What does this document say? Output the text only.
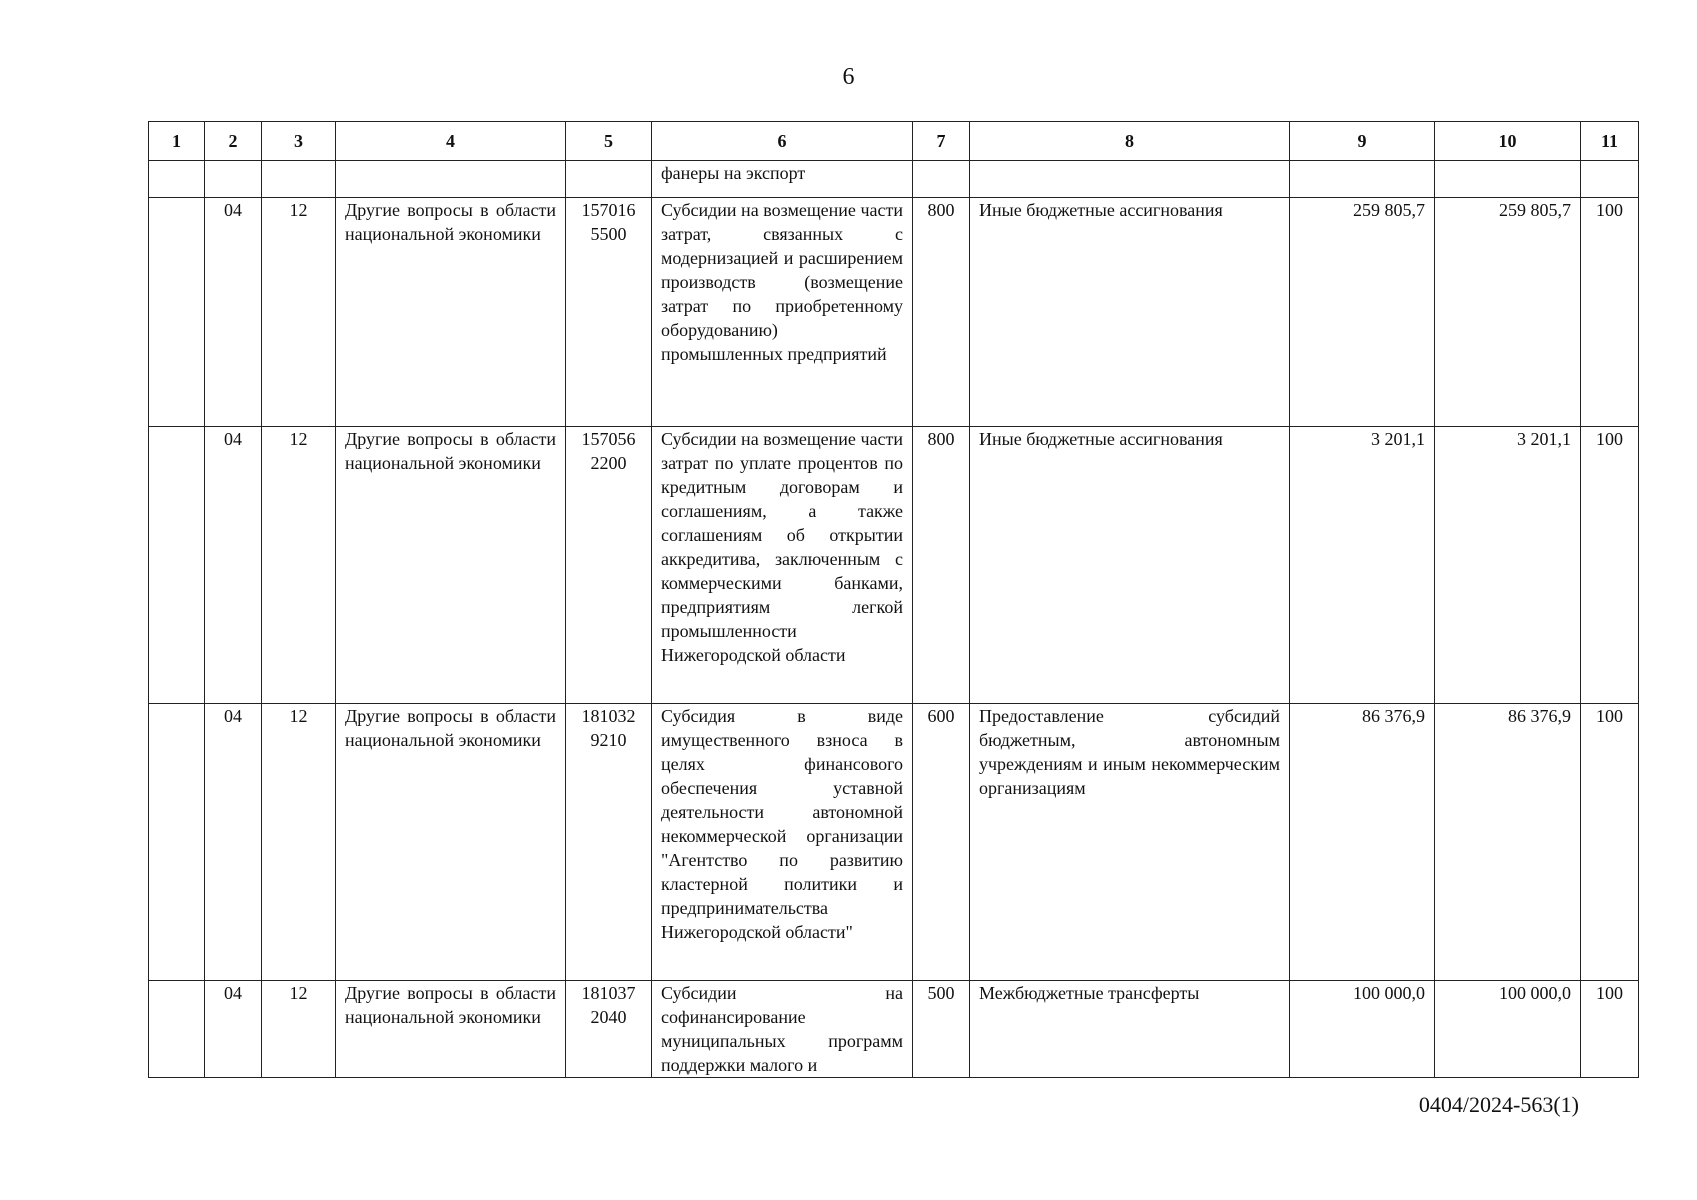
6
1	2	3	4	5	6	7	8	9	10	11
					фанеры на экспорт					
	04	12	Другие вопросы в области национальной экономики	157016 5500	Субсидии на возмещение части затрат, связанных с модернизацией и расширением производств (возмещение затрат по приобретенному оборудованию) промышленных предприятий	800	Иные бюджетные ассигнования	259 805,7	259 805,7	100
	04	12	Другие вопросы в области национальной экономики	157056 2200	Субсидии на возмещение части затрат по уплате процентов по кредитным договорам и соглашениям, а также соглашениям об открытии аккредитива, заключенным с коммерческими банками, предприятиям легкой промышленности Нижегородской области	800	Иные бюджетные ассигнования	3 201,1	3 201,1	100
	04	12	Другие вопросы в области национальной экономики	181032 9210	Субсидия в виде имущественного взноса в целях финансового обеспечения уставной деятельности автономной некоммерческой организации "Агентство по развитию кластерной политики и предпринимательства Нижегородской области"	600	Предоставление субсидий бюджетным, автономным учреждениям и иным некоммерческим организациям	86 376,9	86 376,9	100
	04	12	Другие вопросы в области национальной экономики	181037 2040	Субсидии на софинансирование муниципальных программ поддержки малого и	500	Межбюджетные трансферты	100 000,0	100 000,0	100
0404/2024-563(1)
